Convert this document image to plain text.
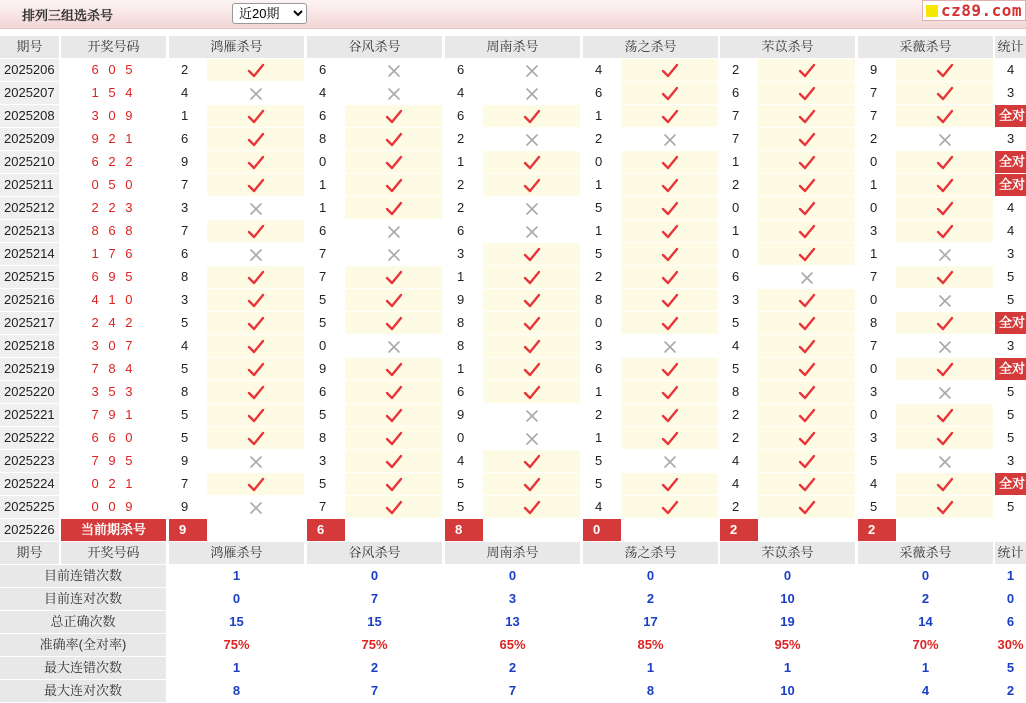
排列三组选杀号
近20期	cz89.com
期号	开奖号码	鸿雁杀号	谷风杀号	周南杀号	荡之杀号	芣苡杀号	采薇杀号	统计
2025206	6 0 5	2	6	6	4	2	9	4
2025207	1 5 4	4	4	4	6	6	7	3
2025208	3 0 9	1	6	6	1	7	7	全对
2025209	9 2 1	6	8	2	2	7	2	3
2025210	6 2 2	9	0	1	0	1	0	全对
2025211	0 5 0	7	1	2	1	2	1	全对
2025212	2 2 3	3	1	2	5	0	0	4
2025213	8 6 8	7	6	6	1	1	3	4
2025214	1 7 6	6	7	3	5	0	1	3
2025215	6 9 5	8	7	1	2	6	7	5
2025216	4 1 0	3	5	9	8	3	0	5
2025217	2 4 2	5	5	8	0	5	8	全对
2025218	3 0 7	4	0	8	3	4	7	3
2025219	7 8 4	5	9	1	6	5	0	全对
2025220	3 5 3	8	6	6	1	8	3	5
2025221	7 9 1	5	5	9	2	2	0	5
2025222	6 6 0	5	8	0	1	2	3	5
2025223	7 9 5	9	3	4	5	4	5	3
2025224	0 2 1	7	5	5	5	4	4	全对
2025225	0 0 9	9	7	5	4	2	5	5
2025226	当前期杀号	9	6	8	0	2	2
期号	开奖号码	鸿雁杀号	谷风杀号	周南杀号	荡之杀号	芣苡杀号	采薇杀号	统计
目前连错次数	1	0	0	0	0	0	1
目前连对次数	0	7	3	2	10	2	0
总正确次数	15	15	13	17	19	14	6
准确率(全对率)	75%	75%	65%	85%	95%	70%	30%
最大连错次数	1	2	2	1	1	1	5
最大连对次数	8	7	7	8	10	4	2
